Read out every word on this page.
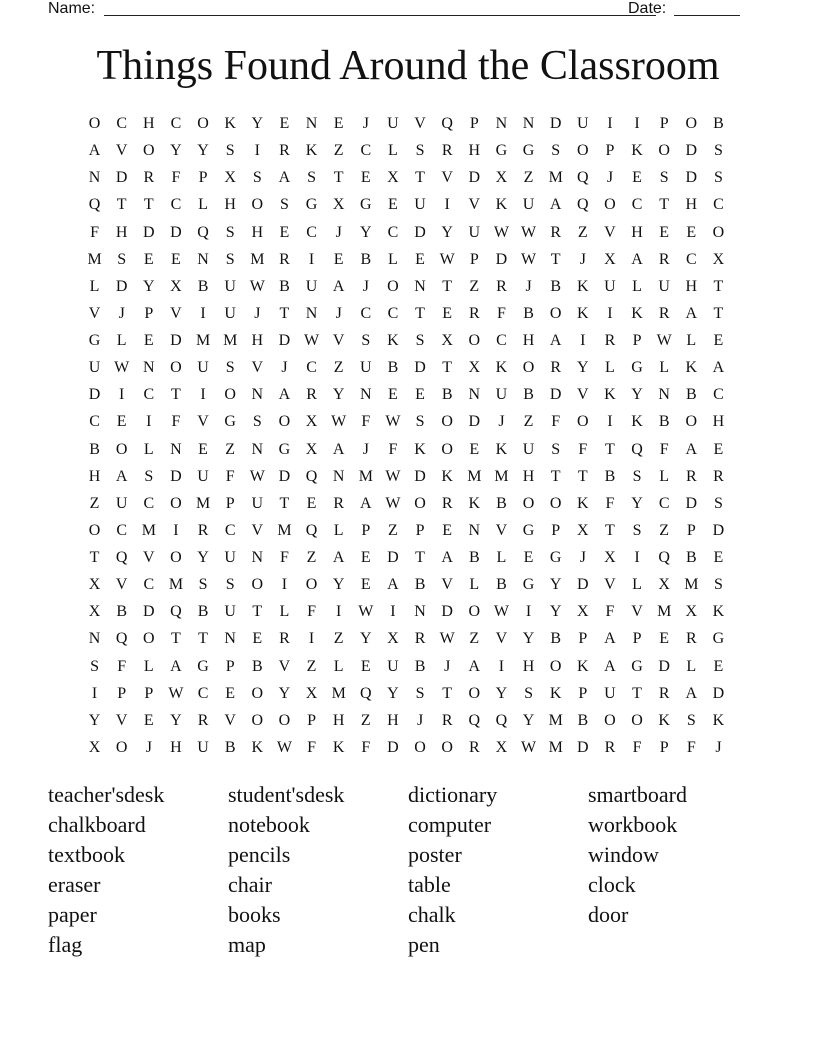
Name:	Date:
Things Found Around the Classroom
O	C	H	C	O K Y	E	N	E	J	U V Q	P	N N D U	I	I	P	O	B
A V O Y Y	S	I	R	K	Z	C	L	S	R	H G G	S	O	P	K O D	S
N D	R	F	P	X	S	A	S	T	E	X	T	V D X	Z M Q	J	E	S	D	S
Q	T	T	C	L	H O	S	G X G	E	U	I	V K U A Q O	C	T	H	C
F	H D D Q	S	H	E	C	J	Y	C	D Y U W W R	Z	V H	E	E	O
M S	E	E	N	S M R	I	E	B	L	E W P	D W T	J	X A	R	C	X
L	D Y X	B	U W B	U A	J	O N	T	Z	R	J	B	K U	L	U H	T
V	J	P	V	I	U	J	T	N	J	C	C	T	E	R	F	B	O K	I	K	R	A	T
G	L	E	D M M H D W V	S	K	S	X O	C	H A	I	R	P W L	E
U W N O U	S	V	J	C	Z	U	B	D	T	X K O	R	Y	L	G	L	K A
D	I	C	T	I	O N A	R	Y N	E	E	B	N U	B	D V K Y N	B	C
C	E	I	F	V G	S	O X W F W S	O D	J	Z	F	O	I	K	B	O H
B	O	L	N	E	Z	N G X A	J	F	K O	E	K U	S	F	T	Q	F	A	E
H A	S	D U	F W D Q N M W D K M M H	T	T	B	S	L	R	R
Z	U	C	O M P	U	T	E	R	A W O	R	K	B	O O K	F	Y	C	D	S
O	C M	I	R	C	V M Q	L	P	Z	P	E	N V G	P	X	T	S	Z	P	D
T	Q V O Y U N	F	Z	A	E	D	T	A	B	L	E	G	J	X	I	Q	B	E
X V	C M S	S	O	I	O Y	E	A	B	V	L	B	G Y D V	L	X M S
X	B	D Q	B	U	T	L	F	I	W	I	N D O W	I	Y X	F	V M X K
N Q O	T	T	N	E	R	I	Z	Y X	R W Z	V Y	B	P	A	P	E	R	G
S	F	L	A G	P	B	V	Z	L	E	U	B	J	A	I	H O K A G D	L	E
I	P	P W C	E	O Y X M Q Y	S	T	O Y	S	K	P	U	T	R	A D
Y V	E	Y	R	V O O	P	H	Z	H	J	R	Q Q Y M B	O O K	S	K
X O	J	H U	B	K W F	K	F	D O O	R	X W M D	R	F	P	F	J
teacher'sdesk
chalkboard
textbook
eraser
paper
flag
student'sdesk
notebook
pencils
chair
books
map
dictionary
computer
poster
table
chalk
pen
smartboard
workbook
window
clock
door
